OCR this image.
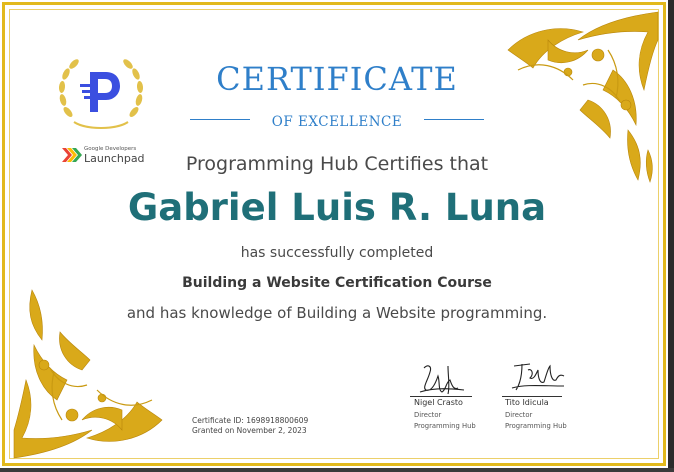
Google Developers
Launchpad
CERTIFICATE
OF EXCELLENCE
Programming Hub Certifies that
Gabriel Luis R. Luna
has successfully completed
Building a Website Certification Course
and has knowledge of Building a Website programming.
Certificate ID: 1698918800609
Granted on November 2, 2023
Nigel Crasto
Director
Programming Hub
Tito Idicula
Director
Programming Hub
